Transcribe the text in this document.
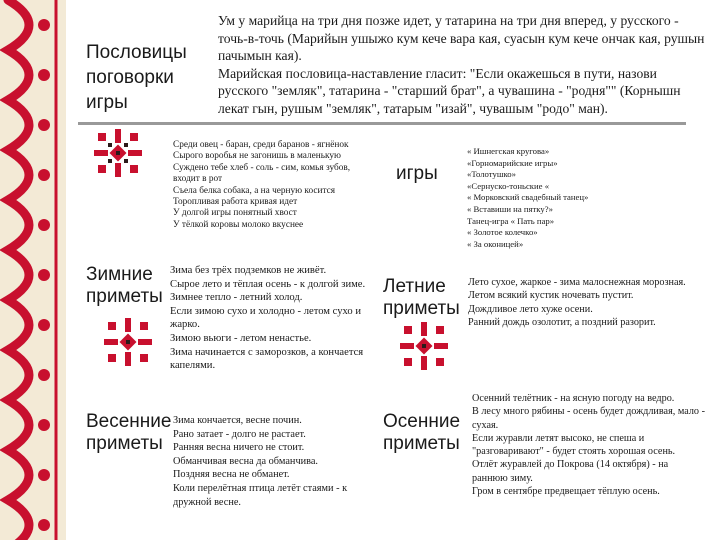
Пословицы
поговорки
игры

Ум у марийца на три дня позже идет, у татарина на три дня вперед, у русского - точь-в-точь (Марийын ушыжо кум кече вара кая, суасын кум кече ончак кая, рушын пачымын кая).

Марийская пословица-наставление гласит: "Если окажешься в пути, назови русского "земляк", татарина - "старший брат", а чувашина - "родня"" (Корнышн лекат гын, рушым "земляк", татарым "изай", чувашым "родо" ман).

Среди овец - баран, среди баранов - ягнёнок

Сырого воробья не загонишь в маленькую

Суждено тебе хлеб - соль - сим, комья зубов,

входит в рот

Съела белка собака, а на черную косится

Торопливая работа кривая идет

У долгой игры понятный хвост

У тёлкой коровы молоко вкуснее

игры

« Ишнегская кругова»

«Горномарийские игры»

«Толотушко»

«Сернуско-тоньские «

« Морковский свадебный танец»

« Вставиши на пятку?»

Танец-игра « Пать пар»

« Золотое колечко»

« За оконицей»

Зимние
приметы

Зима без трёх подземков не живёт.

Сырое лето и тёплая осень - к долгой зиме.

Зимнее тепло - летний холод.

Если зимою сухо и холодно - летом сухо и жарко.

Зимою вьюги - летом ненастье.

Зима начинается с заморозков, а кончается капелями.

Летние
приметы

Лето сухое, жаркое - зима малоснежная морозная.

Летом всякий кустик ночевать пустит.

Дождливое лето хуже осени.

Ранний дождь озолотит, а поздний разорит.

Весенние
приметы

Зима кончается, весне почин.

Рано затает - долго не растает.

Ранняя весна ничего не стоит.

Обманчивая весна да обманчива.

Поздняя весна не обманет.

Коли перелётная птица летёт стаями - к дружной весне.

Осенние
приметы

Осенний телётник - на ясную погоду на ведро.

В лесу много рябины - осень будет дождливая, мало - сухая.

Если журавли летят высоко, не спеша и "разговаривают" - будет стоять хорошая осень.

Отлёт журавлей до Покрова (14 октября) - на раннюю зиму.

Гром в сентябре предвещает тёплую осень.
